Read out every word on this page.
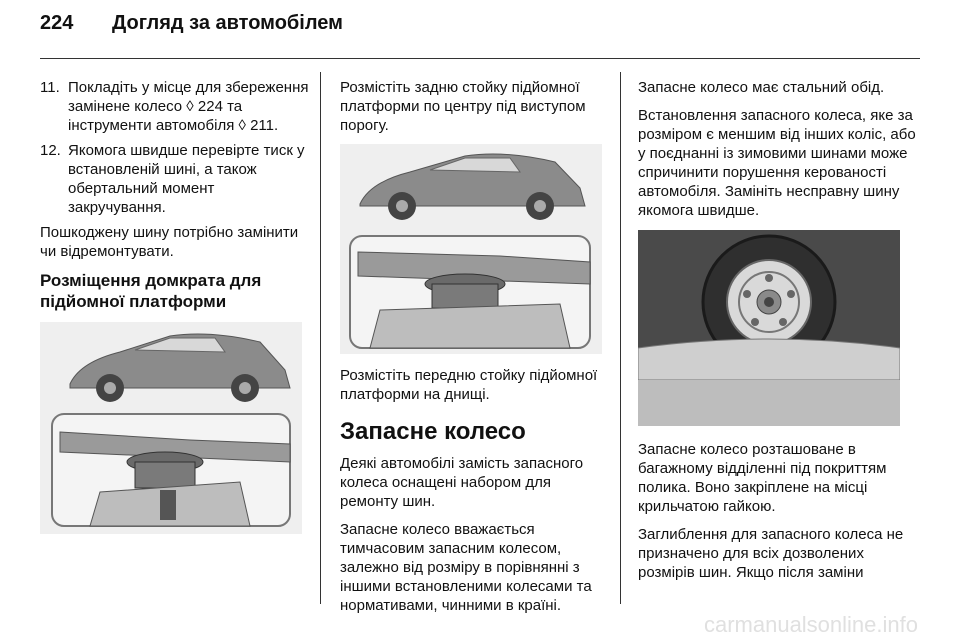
224 Догляд за автомобілем
11. Покладіть у місце для збереження замінене колесо ◊ 224 та інструменти автомобіля ◊ 211.
12. Якомога швидше перевірте тиск у встановленій шині, а також обертальний момент закручування.

Пошкоджену шину потрібно замінити чи відремонтувати.

Розміщення домкрата для підйомної платформи

Розмістіть задню стойку підйомної платформи по центру під виступом порогу.

Розмістіть передню стойку підйомної платформи на днищі.

Запасне колесо

Деякі автомобілі замість запасного колеса оснащені набором для ремонту шин.

Запасне колесо вважається тимчасовим запасним колесом, залежно від розміру в порівнянні з іншими встановленими колесами та нормативами, чинними в країні.

Запасне колесо має стальний обід.

Встановлення запасного колеса, яке за розміром є меншим від інших коліс, або у поєднанні із зимовими шинами може спричинити порушення керованості автомобіля. Замініть несправну шину якомога швидше.

Запасне колесо розташоване в багажному відділенні під покриттям полика. Воно закріплене на місці крильчатою гайкою.

Заглиблення для запасного колеса не призначено для всіх дозволених розмірів шин. Якщо після заміни

carmanualsonline.info
